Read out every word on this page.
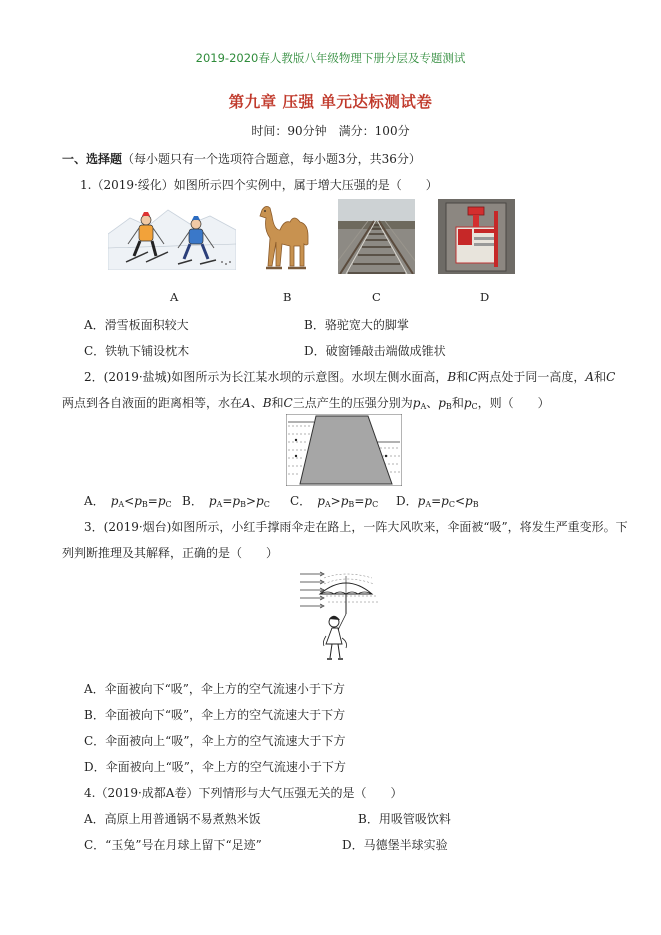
2019-2020春人教版八年级物理下册分层及专题测试
第九章 压强 单元达标测试卷
时间：90分钟　满分：100分
一、选择题（每小题只有一个选项符合题意，每小题3分，共36分）
1.（2019·绥化）如图所示四个实例中，属于增大压强的是（　　）
A	B	C	D
A．滑雪板面积较大	B．骆驼宽大的脚掌
C．铁轨下铺设枕木	D．破窗锤敲击端做成锥状
2．(2019·盐城)如图所示为长江某水坝的示意图。水坝左侧水面高，B和C两点处于同一高度，A和C
两点到各自液面的距离相等，水在A、B和C三点产生的压强分别为$p_A$、$p_B$和$p_C$，则（　　）
A．　 $p_A<p_B=p_C$ B．　 $p_A=p_B>p_C$ C．　 $p_A>p_B=p_C$ D．$p_A=p_C<p_B$
3．(2019·烟台)如图所示，小红手撑雨伞走在路上，一阵大风吹来，伞面被“吸”，将发生严重变形。下
列判断推理及其解释，正确的是（　　）
A．伞面被向下“吸”，伞上方的空气流速小于下方
B．伞面被向下“吸”，伞上方的空气流速大于下方
C．伞面被向上“吸”，伞上方的空气流速大于下方
D．伞面被向上“吸”，伞上方的空气流速小于下方
4.（2019·成都A卷）下列情形与大气压强无关的是（　　）
A．高原上用普通锅不易煮熟米饭	B．用吸管吸饮料
C．“玉兔”号在月球上留下“足迹”	D．马德堡半球实验
